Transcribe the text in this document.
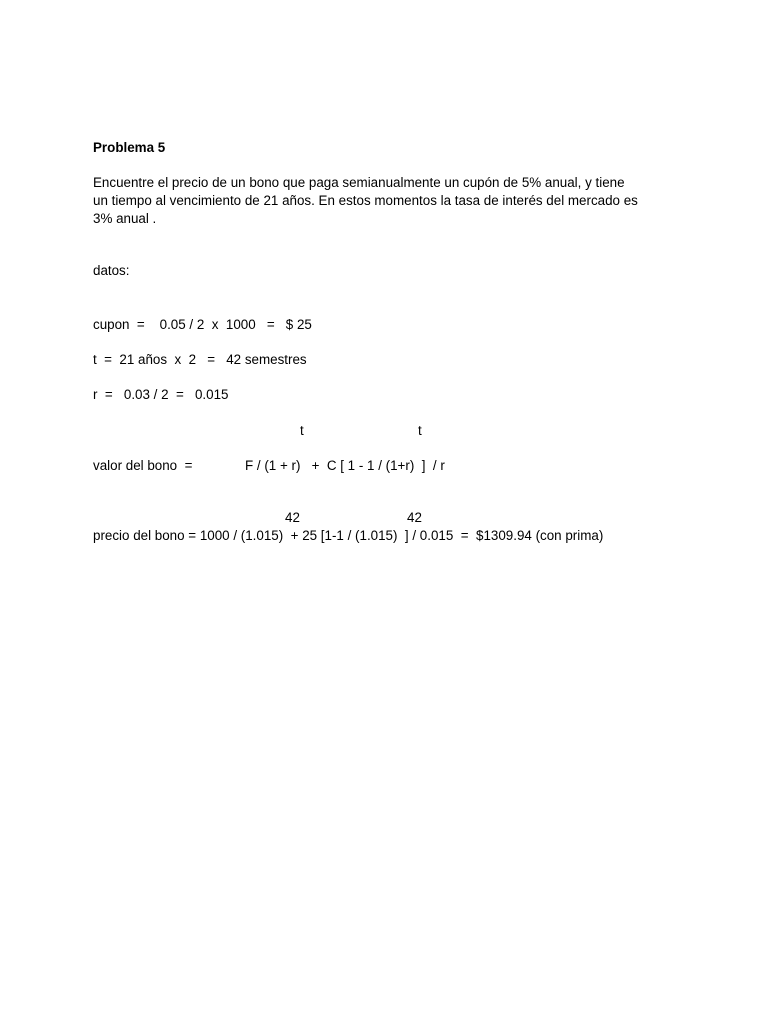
Problema 5

Encuentre el precio de un bono que paga semianualmente un cupón de 5% anual, y tiene
un tiempo al vencimiento de 21 años. En estos momentos la tasa de interés del mercado es
3% anual .

datos:

cupon  =    0.05 / 2  x  1000   =   $ 25

t  =  21 años  x  2   =   42 semestres

r  =   0.03 / 2  =   0.015

t	t

valor del bono  =	F / (1 + r)   +  C [ 1 - 1 / (1+r)  ]  / r

42	42

precio del bono = 1000 / (1.015)  + 25 [1-1 / (1.015)  ] / 0.015  =  $1309.94 (con prima)
